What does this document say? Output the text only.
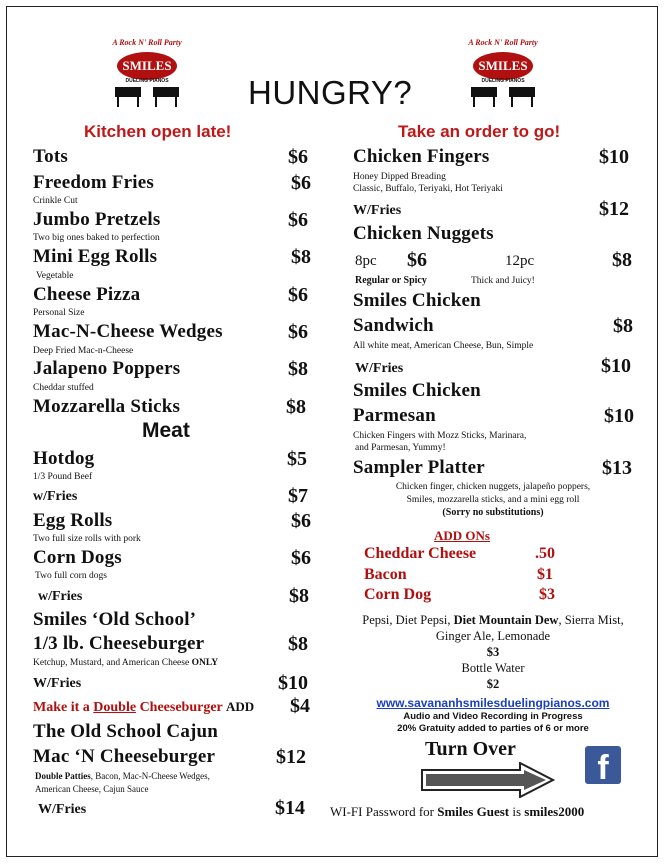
A Rock N' Roll Party
SMILES
DUELING PIANOS
A Rock N' Roll Party
SMILES
DUELING PIANOS
HUNGRY?
Kitchen open late!	Take an order to go!
Tots	$6
Freedom Fries	$6
Crinkle Cut
Jumbo Pretzels	$6
Two big ones baked to perfection
Mini Egg Rolls	$8
Vegetable
Cheese Pizza	$6
Personal Size
Mac-N-Cheese Wedges	$6
Deep Fried Mac-n-Cheese
Jalapeno Poppers	$8
Cheddar stuffed
Mozzarella Sticks	$8
Meat
Hotdog	$5
1/3 Pound Beef
w/Fries	$7
Egg Rolls	$6
Two full size rolls with pork
Corn Dogs	$6
Two full corn dogs
w/Fries	$8
Smiles ‘Old School’
1/3 lb. Cheeseburger	$8
Ketchup, Mustard, and American Cheese ONLY
W/Fries	$10
Make it a Double Cheeseburger ADD $4
The Old School Cajun
Mac ‘N Cheeseburger	$12
Double Patties, Bacon, Mac-N-Cheese Wedges,
American Cheese, Cajun Sauce
W/Fries	$14
Chicken Fingers	$10
Honey Dipped Breading
Classic, Buffalo, Teriyaki, Hot Teriyaki
W/Fries	$12
Chicken Nuggets
8pc $6	12pc	$8
Regular or Spicy	Thick and Juicy!
Smiles Chicken
Sandwich	$8
All white meat, American Cheese, Bun, Simple
W/Fries	$10
Smiles Chicken
Parmesan	$10
Chicken Fingers with Mozz Sticks, Marinara,
and Parmesan, Yummy!
Sampler Platter	$13
Chicken finger, chicken nuggets, jalapeño poppers,
Smiles, mozzarella sticks, and a mini egg roll
(Sorry no substitutions)
ADD ONs
Cheddar Cheese	.50
Bacon	$1
Corn Dog	$3
Pepsi, Diet Pepsi, Diet Mountain Dew, Sierra Mist,
Ginger Ale, Lemonade
$3
Bottle Water
$2
www.savananhsmilesduelingpianos.com
Audio and Video Recording in Progress
20% Gratuity added to parties of 6 or more
Turn Over	f
WI-FI Password for Smiles Guest is smiles2000
